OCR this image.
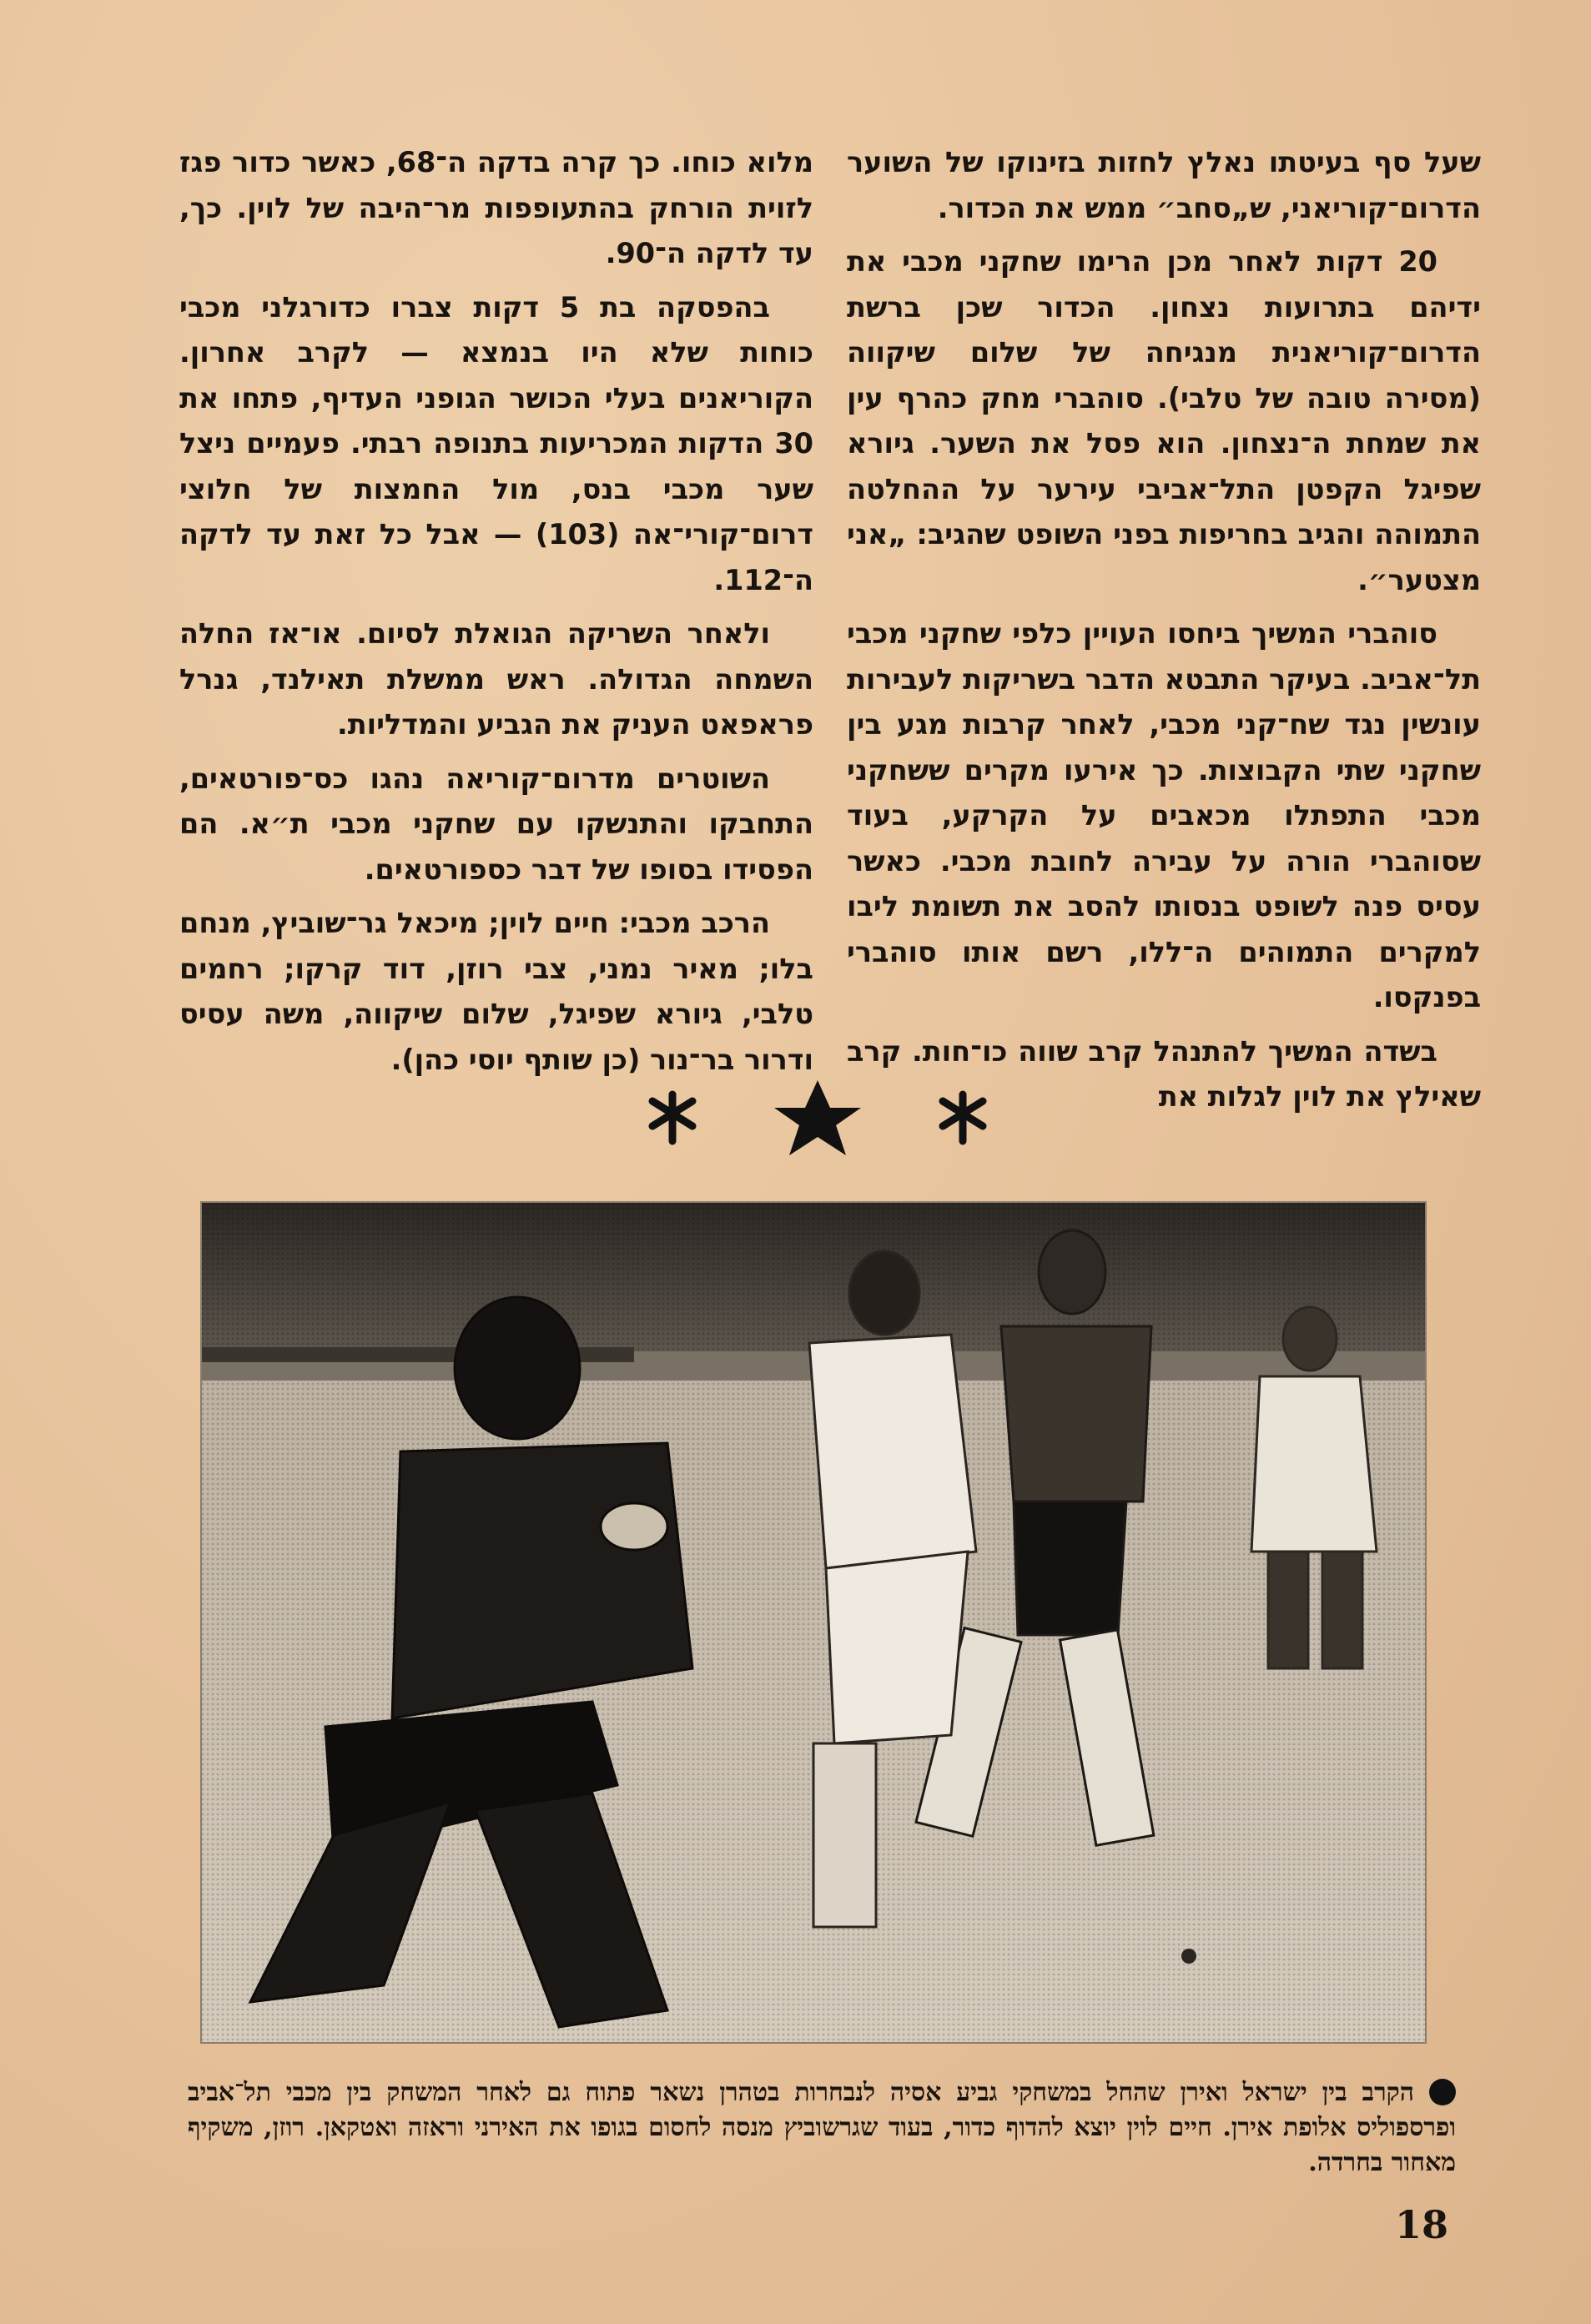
שעל סף בעיטתו נאלץ לחזות בזינוקו של השוער הדרום־קוריאני, ש„סחב״ ממש את הכדור.

20 דקות לאחר מכן הרימו שחקני מכבי את ידיהם בתרועות נצחון. הכדור שכן ברשת הדרום־קוריאנית מנגיחה של שלום שיקווה (מסירה טובה של טלבי). סוהברי מחק כהרף עין את שמחת ה־נצחון. הוא פסל את השער. גיורא שפיגל הקפטן התל־אביבי עירער על ההחלטה התמוהה והגיב בחריפות בפני השופט שהגיב: „אני מצטער״.

סוהברי המשיך ביחסו העויין כלפי שחקני מכבי תל־אביב. בעיקר התבטא הדבר בשריקות לעבירות עונשין נגד שח־קני מכבי, לאחר קרבות מגע בין שחקני שתי הקבוצות. כך אירעו מקרים ששחקני מכבי התפתלו מכאבים על הקרקע, בעוד שסוהברי הורה על עבירה לחובת מכבי. כאשר עסיס פנה לשופט בנסותו להסב את תשומת ליבו למקרים התמוהים ה־ללו, רשם אותו סוהברי בפנקסו.

בשדה המשיך להתנהל קרב שווה כו־חות. קרב שאילץ את לוין לגלות את

מלוא כוחו. כך קרה בדקה ה־68, כאשר כדור פגז לזוית הורחק בהתעופפות מר־היבה של לוין. כך, עד לדקה ה־90.

בהפסקה בת 5 דקות צברו כדורגלני מכבי כוחות שלא היו בנמצא — לקרב אחרון. הקוריאנים בעלי הכושר הגופני העדיף, פתחו את 30 הדקות המכריעות בתנופה רבתי. פעמיים ניצל שער מכבי בנס, מול החמצות של חלוצי דרום־קורי־אה (103) — אבל כל זאת עד לדקה ה־112.

ולאחר השריקה הגואלת לסיום. או־אז החלה השמחה הגדולה. ראש ממשלת תאילנד, גנרל פראפאט העניק את הגביע והמדליות.

השוטרים מדרום־קוריאה נהגו כס־פורטאים, התחבקו והתנשקו עם שחקני מכבי ת״א. הם הפסידו בסופו של דבר כספורטאים.

הרכב מכבי: חיים לוין; מיכאל גר־שוביץ, מנחם בלו; מאיר נמני, צבי רוזן, דוד קרקו; רחמים טלבי, גיורא שפיגל, שלום שיקווה, משה עסיס ודרור בר־נור (כן שותף יוסי כהן).

הקרב בין ישראל ואירן שהחל במשחקי גביע אסיה לנבחרות בטהרן נשאר פתוח גם לאחר המשחק בין מכבי תל־אביב ופרספוליס אלופת אירן. חיים לוין יוצא להדוף כדור, בעוד שגרשוביץ מנסה לחסום בגופו את האירני וראזה ואטקאן. רוזן, משקיף מאחור בחרדה.
18
